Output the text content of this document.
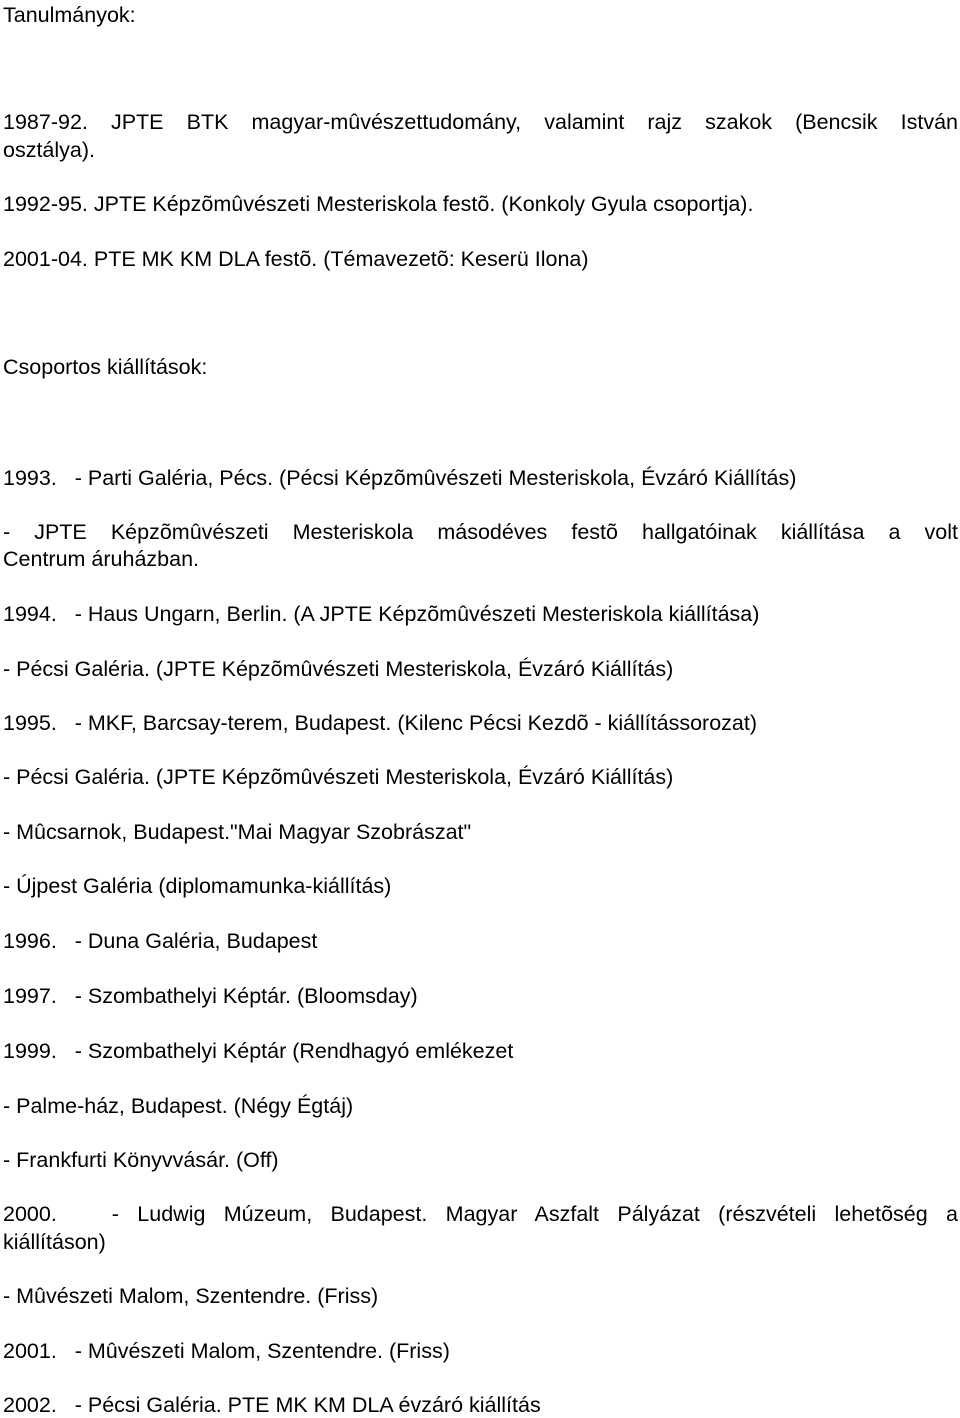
Tanulmányok:
1987-92. JPTE BTK magyar-mûvészettudomány, valamint rajz szakok (Bencsik István
osztálya).
1992-95. JPTE Képzõmûvészeti Mesteriskola festõ. (Konkoly Gyula csoportja).
2001-04. PTE MK KM DLA festõ. (Témavezetõ: Keserü Ilona)
Csoportos kiállítások:
1993.   - Parti Galéria, Pécs. (Pécsi Képzõmûvészeti Mesteriskola, Évzáró Kiállítás)
- JPTE Képzõmûvészeti Mesteriskola másodéves festõ hallgatóinak kiállítása a volt
Centrum áruházban.
1994.   - Haus Ungarn, Berlin. (A JPTE Képzõmûvészeti Mesteriskola kiállítása)
- Pécsi Galéria. (JPTE Képzõmûvészeti Mesteriskola, Évzáró Kiállítás)
1995.   - MKF, Barcsay-terem, Budapest. (Kilenc Pécsi Kezdõ - kiállítássorozat)
- Pécsi Galéria. (JPTE Képzõmûvészeti Mesteriskola, Évzáró Kiállítás)
- Mûcsarnok, Budapest."Mai Magyar Szobrászat"
- Újpest Galéria (diplomamunka-kiállítás)
1996.   - Duna Galéria, Budapest
1997.   - Szombathelyi Képtár. (Bloomsday)
1999.   - Szombathelyi Képtár (Rendhagyó emlékezet
- Palme-ház, Budapest. (Négy Égtáj)
- Frankfurti Könyvvásár. (Off)
2000.   - Ludwig Múzeum, Budapest. Magyar Aszfalt Pályázat (részvételi lehetõség a
kiállításon)
- Mûvészeti Malom, Szentendre. (Friss)
2001.   - Mûvészeti Malom, Szentendre. (Friss)
2002.   - Pécsi Galéria. PTE MK KM DLA évzáró kiállítás
